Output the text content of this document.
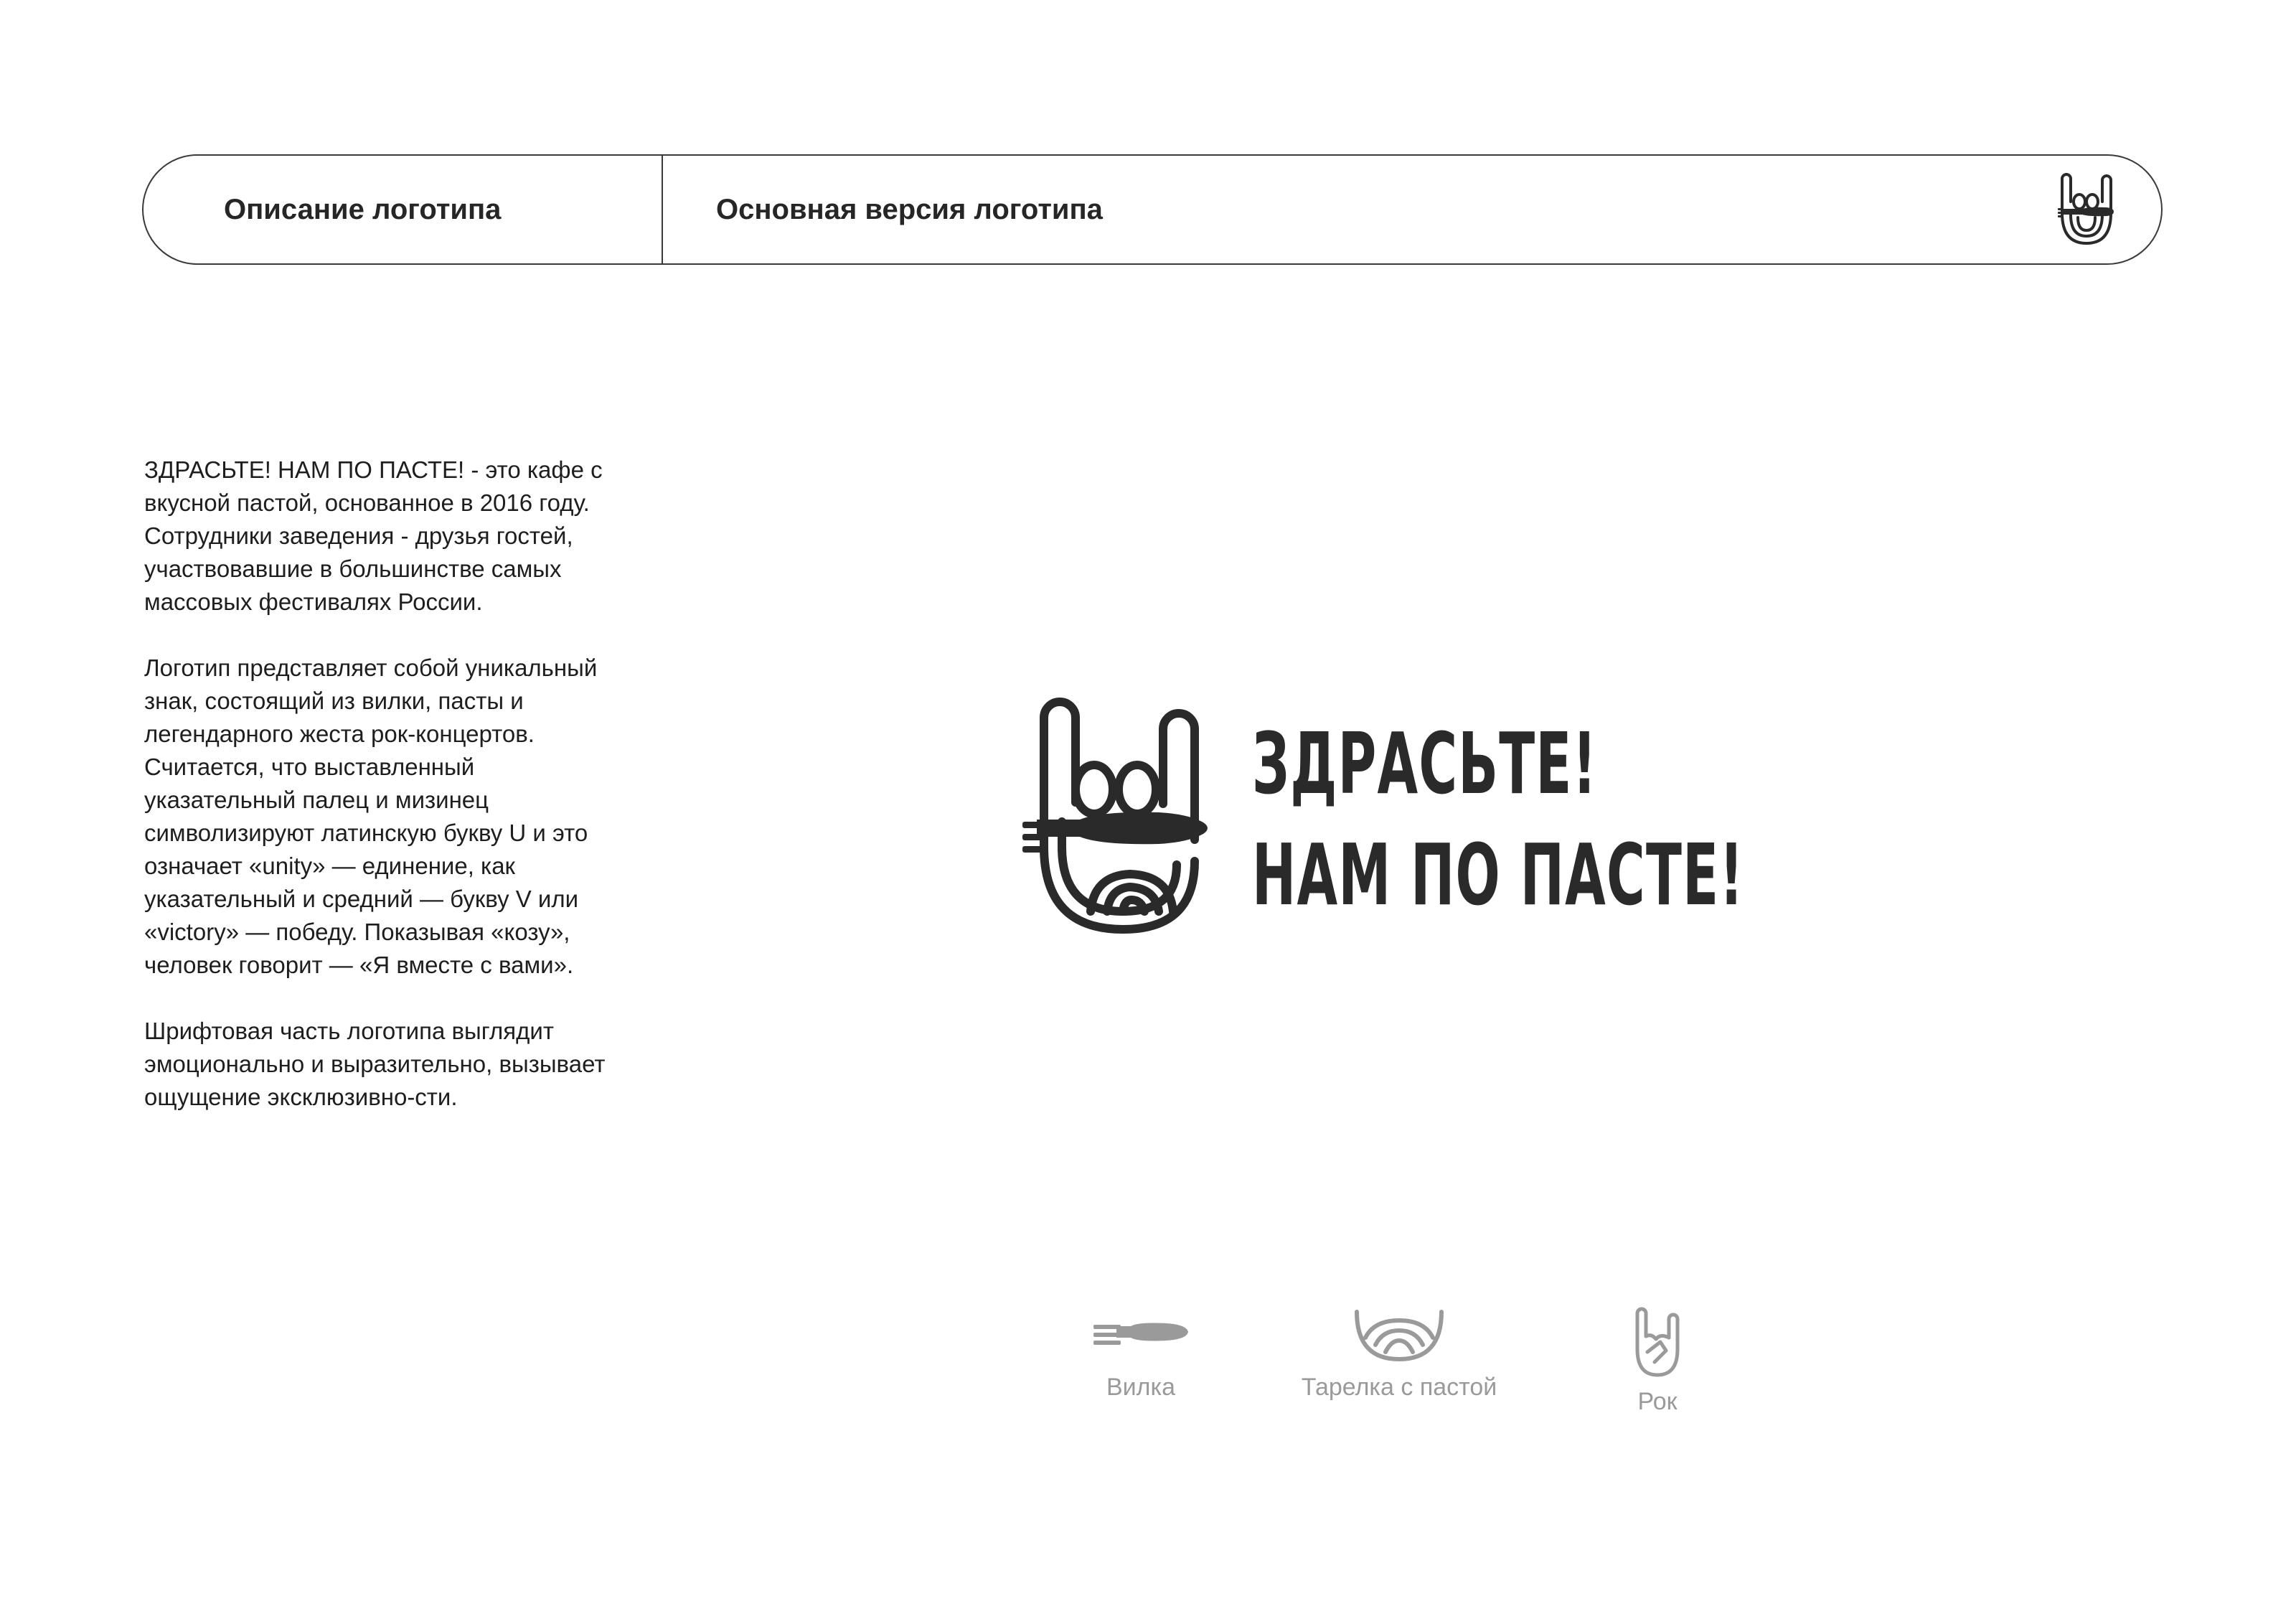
Описание логотипа	Основная версия логотипа

ЗДРАСЬТЕ! НАМ ПО ПАСТЕ! - это кафе с вкусной пастой, основанное в 2016 году. Сотрудники заведения - друзья гостей, участвовавшие в большинстве самых массовых фестивалях России.

Логотип представляет собой уникальный знак, состоящий из вилки, пасты и легендарного жеста рок-концертов. Считается, что выставленный указательный палец и мизинец символизируют латинскую букву U и это означает «unity» — единение, как указательный и средний — букву V или «victory» — победу. Показывая «козу», человек говорит — «Я вместе с вами».

Шрифтовая часть логотипа выглядит эмоционально и выразительно, вызывает ощущение эксклюзивно-сти.

ЗДРАСЬТЕ!
НАМ ПО ПАСТЕ!
Вилка	Тарелка с пастой
Рок
